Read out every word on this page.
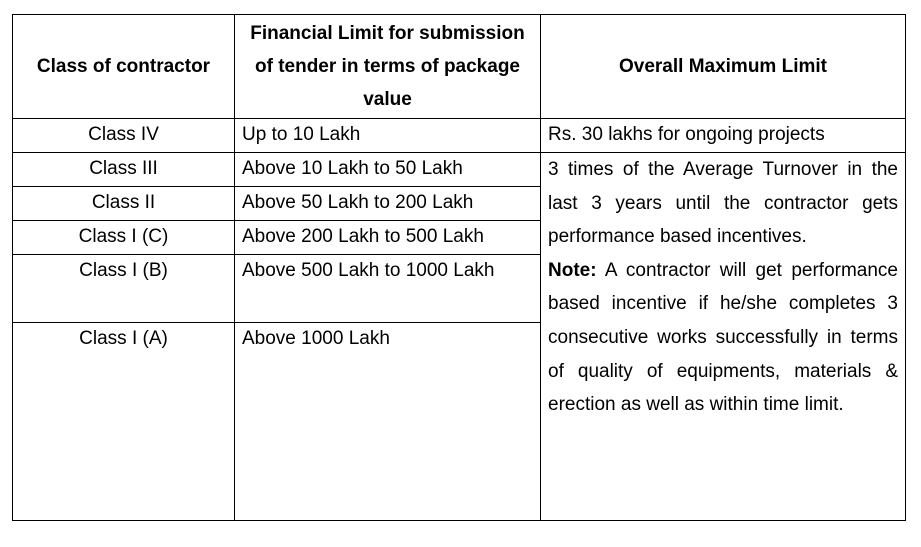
Class of contractor	Financial Limit for submission of tender in terms of package value	Overall Maximum Limit
Class IV	Up to 10 Lakh	Rs. 30 lakhs for ongoing projects
Class III	Above 10 Lakh to 50 Lakh	3 times of the Average Turnover in the last 3 years until the contractor gets performance based incentives.

Note: A contractor will get performance based incentive if he/she completes 3 consecutive works successfully in terms of quality of equipments, materials & erection as well as within time limit.

Class II	Above 50 Lakh to 200 Lakh	
Class I (C)	Above 200 Lakh to 500 Lakh	
Class I (B)	Above 500 Lakh to 1000 Lakh	
Class I (A)	Above 1000 Lakh	
